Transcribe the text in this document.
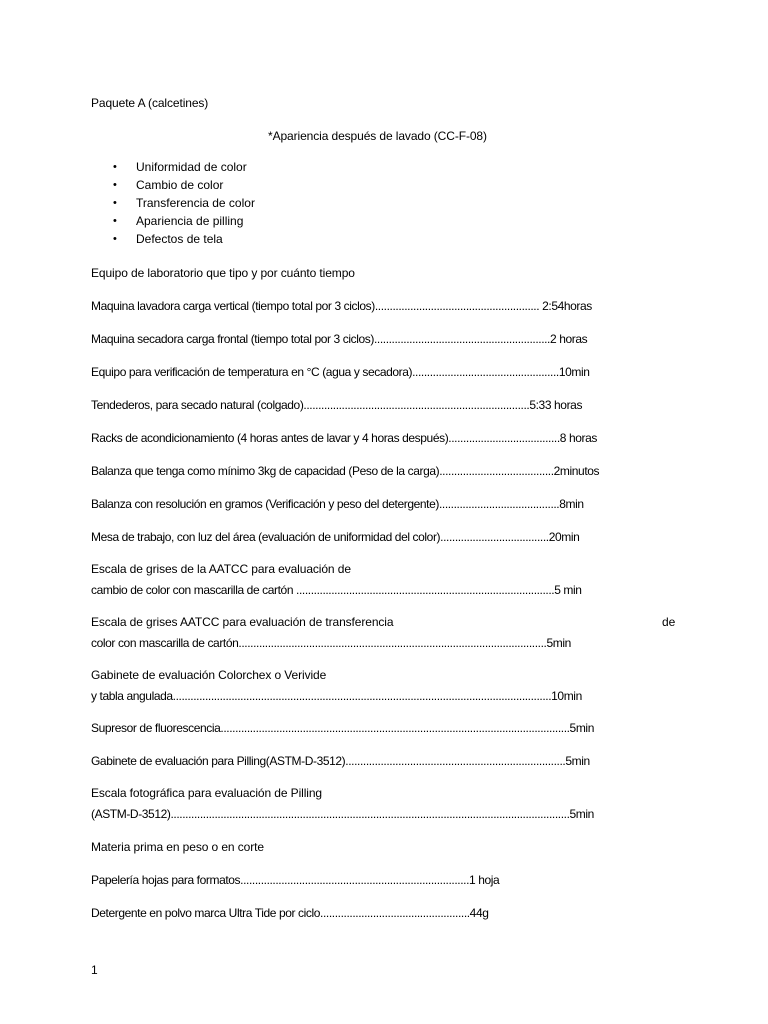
Paquete A (calcetines)
*Apariencia después de lavado (CC-F-08)
• Uniformidad de color
• Cambio de color
• Transferencia de color
• Apariencia de pilling
• Defectos de tela
Equipo de laboratorio que tipo y por cuánto tiempo
Maquina lavadora carga vertical (tiempo total por 3 ciclos)........................................................ 2:54horas
Maquina secadora carga frontal (tiempo total por 3 ciclos)............................................................2 horas
Equipo para verificación de temperatura en °C (agua y secadora)..................................................10min
Tendederos, para secado natural (colgado).............................................................................5:33 horas
Racks de acondicionamiento (4 horas antes de lavar y 4 horas después)......................................8 horas
Balanza que tenga como mínimo 3kg de capacidad (Peso de la carga).......................................2minutos
Balanza con resolución en gramos (Verificación y peso del detergente).........................................8min
Mesa de trabajo, con luz del área (evaluación de uniformidad del color).....................................20min
Escala de grises de la AATCC para evaluación de
cambio de color con mascarilla de cartón ........................................................................................5 min
Escala de grises AATCC para evaluación de transferencia	de
color con mascarilla de cartón.........................................................................................................5min
Gabinete de evaluación Colorchex o Verivide
y tabla angulada.................................................................................................................................10min
Supresor de fluorescencia.......................................................................................................................5min
Gabinete de evaluación para Pilling(ASTM-D-3512)...........................................................................5min
Escala fotográfica para evaluación de Pilling
(ASTM-D-3512)........................................................................................................................................5min
Materia prima en peso o en corte
Papelería hojas para formatos..............................................................................1 hoja
Detergente en polvo marca Ultra Tide por ciclo...................................................44g
1
